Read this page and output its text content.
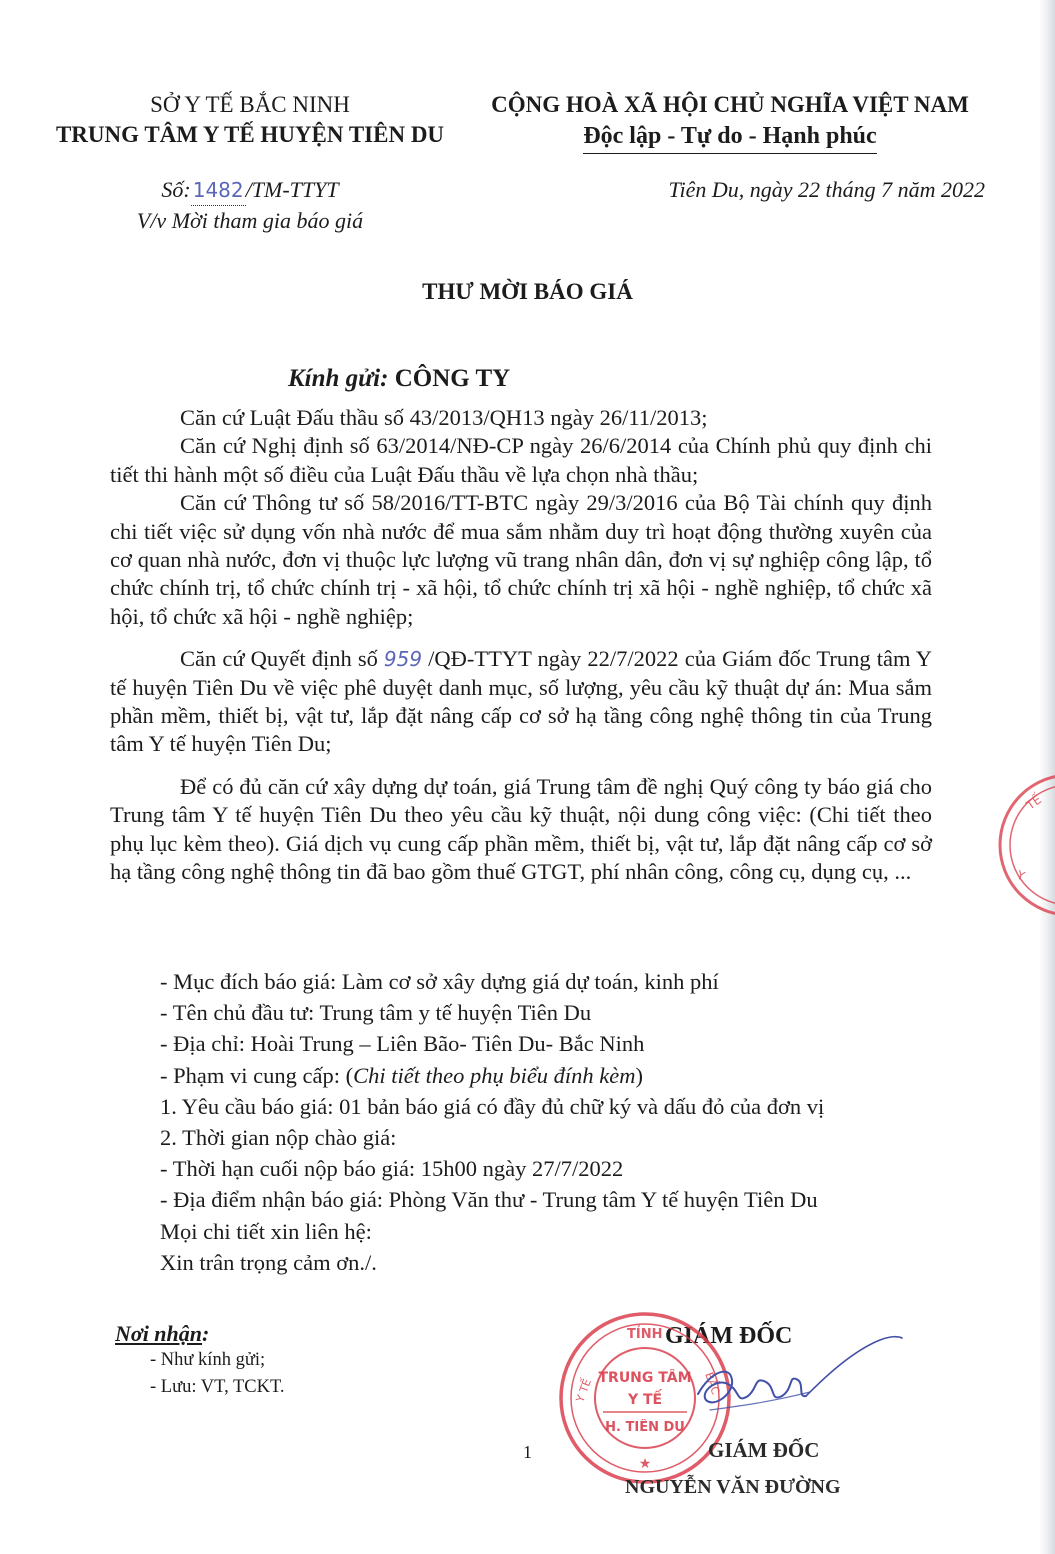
SỞ Y TẾ BẮC NINH
TRUNG TÂM Y TẾ HUYỆN TIÊN DU
CỘNG HOÀ XÃ HỘI CHỦ NGHĨA VIỆT NAM
Độc lập - Tự do - Hạnh phúc
Số: 1482/TM-TTYT
V/v Mời tham gia báo giá
Tiên Du, ngày 22 tháng 7 năm 2022
THƯ MỜI BÁO GIÁ
Kính gửi: CÔNG TY

Căn cứ Luật Đấu thầu số 43/2013/QH13 ngày 26/11/2013;

Căn cứ Nghị định số 63/2014/NĐ-CP ngày 26/6/2014 của Chính phủ quy định chi tiết thi hành một số điều của Luật Đấu thầu về lựa chọn nhà thầu;

Căn cứ Thông tư số 58/2016/TT-BTC ngày 29/3/2016 của Bộ Tài chính quy định chi tiết việc sử dụng vốn nhà nước để mua sắm nhằm duy trì hoạt động thường xuyên của cơ quan nhà nước, đơn vị thuộc lực lượng vũ trang nhân dân, đơn vị sự nghiệp công lập, tổ chức chính trị, tổ chức chính trị - xã hội, tổ chức chính trị xã hội - nghề nghiệp, tổ chức xã hội, tổ chức xã hội - nghề nghiệp;

Căn cứ Quyết định số 959 /QĐ-TTYT ngày 22/7/2022 của Giám đốc Trung tâm Y tế huyện Tiên Du về việc phê duyệt danh mục, số lượng, yêu cầu kỹ thuật dự án: Mua sắm phần mềm, thiết bị, vật tư, lắp đặt nâng cấp cơ sở hạ tầng công nghệ thông tin của Trung tâm Y tế huyện Tiên Du;

Để có đủ căn cứ xây dựng dự toán, giá Trung tâm đề nghị Quý công ty báo giá cho Trung tâm Y tế huyện Tiên Du theo yêu cầu kỹ thuật, nội dung công việc: (Chi tiết theo phụ lục kèm theo). Giá dịch vụ cung cấp phần mềm, thiết bị, vật tư, lắp đặt nâng cấp cơ sở hạ tầng công nghệ thông tin đã bao gồm thuế GTGT, phí nhân công, công cụ, dụng cụ, ...

- Mục đích báo giá: Làm cơ sở xây dựng giá dự toán, kinh phí
- Tên chủ đầu tư: Trung tâm y tế huyện Tiên Du
- Địa chỉ: Hoài Trung – Liên Bão- Tiên Du- Bắc Ninh
- Phạm vi cung cấp: (Chi tiết theo phụ biểu đính kèm)
1. Yêu cầu báo giá: 01 bản báo giá có đầy đủ chữ ký và dấu đỏ của đơn vị
2. Thời gian nộp chào giá:
- Thời hạn cuối nộp báo giá: 15h00 ngày 27/7/2022
- Địa điểm nhận báo giá: Phòng Văn thư - Trung tâm Y tế huyện Tiên Du
Mọi chi tiết xin liên hệ:
Xin trân trọng cảm ơn./.
Nơi nhận:
- Như kính gửi;
- Lưu: VT, TCKT.
TẾ
Y
GIÁM ĐỐC
TỈNH
Y TẾ	BẮC
TRUNG TÂM
Y TẾ
H. TIÊN DU
★
GIÁM ĐỐC
NGUYỄN VĂN ĐƯỜNG
1
